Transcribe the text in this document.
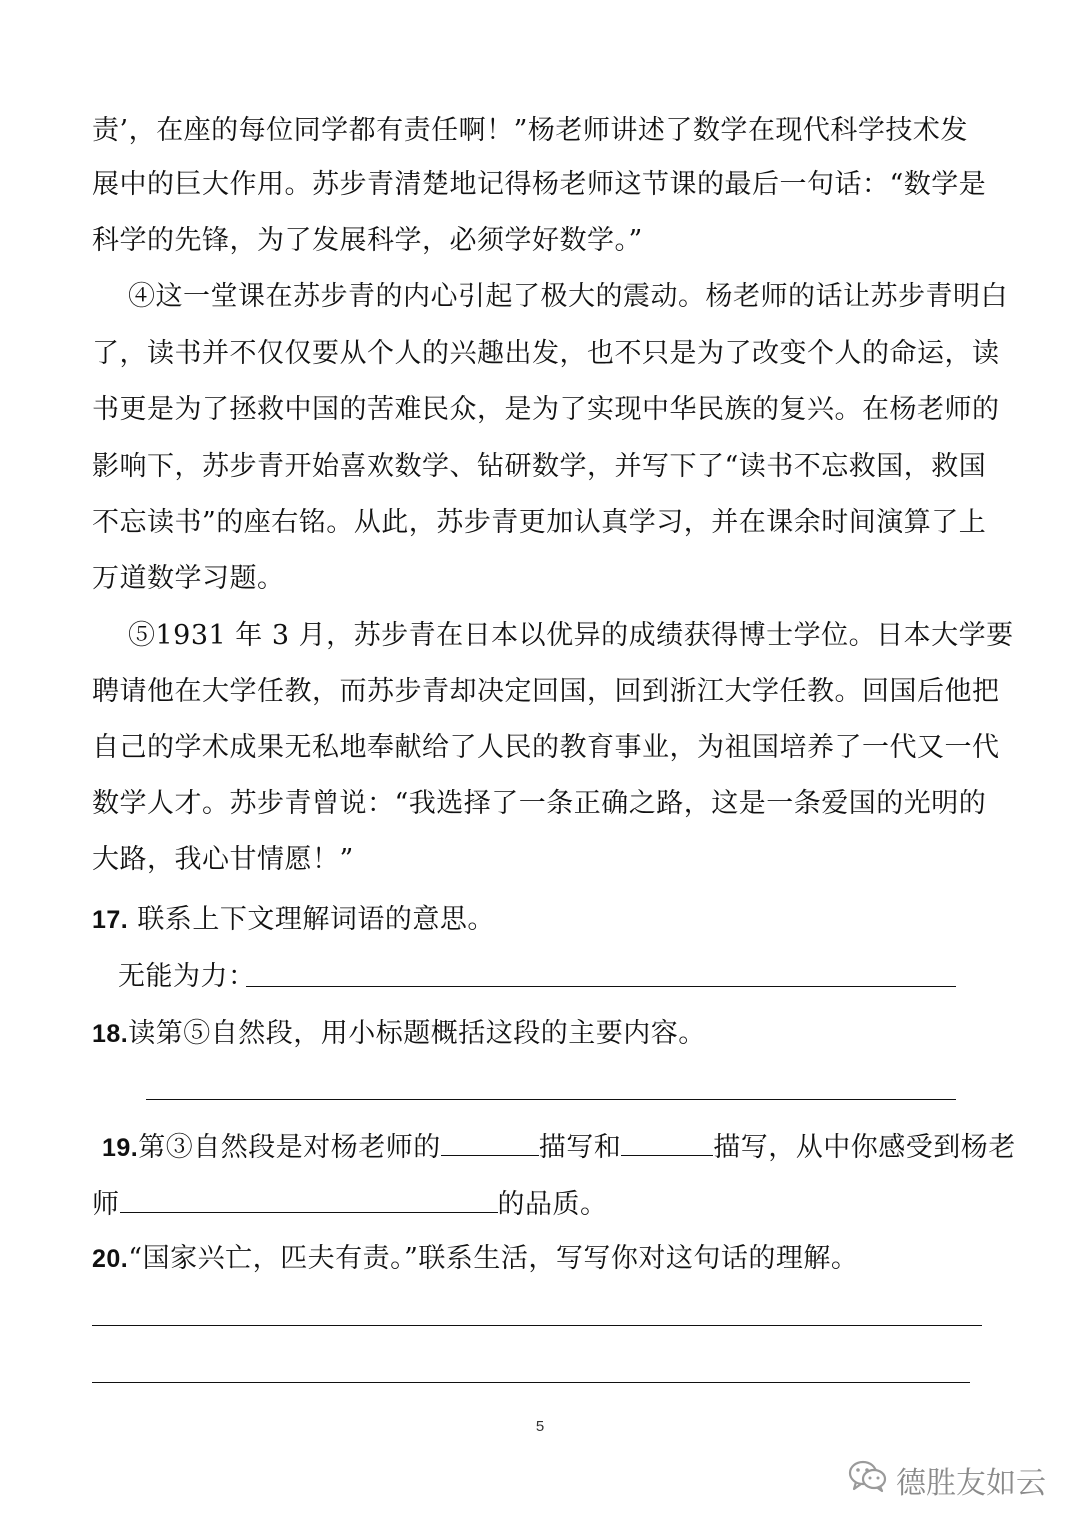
责’，在座的每位同学都有责任啊！”杨老师讲述了数学在现代科学技术发
展中的巨大作用。苏步青清楚地记得杨老师这节课的最后一句话：“数学是
科学的先锋，为了发展科学，必须学好数学。”
④这一堂课在苏步青的内心引起了极大的震动。杨老师的话让苏步青明白
了，读书并不仅仅要从个人的兴趣出发，也不只是为了改变个人的命运，读
书更是为了拯救中国的苦难民众，是为了实现中华民族的复兴。在杨老师的
影响下，苏步青开始喜欢数学、钻研数学，并写下了“读书不忘救国，救国
不忘读书”的座右铭。从此，苏步青更加认真学习，并在课余时间演算了上
万道数学习题。
⑤1931 年 3 月，苏步青在日本以优异的成绩获得博士学位。日本大学要
聘请他在大学任教，而苏步青却决定回国，回到浙江大学任教。回国后他把
自己的学术成果无私地奉献给了人民的教育事业，为祖国培养了一代又一代
数学人才。苏步青曾说：“我选择了一条正确之路，这是一条爱国的光明的
大路，我心甘情愿！”
17. 联系上下文理解词语的意思。
无能为力：
18.读第⑤自然段，用小标题概括这段的主要内容。
19.第③自然段是对杨老师的	描写和	描写，从中你感受到杨老
师	的品质。
20.“国家兴亡，匹夫有责。”联系生活，写写你对这句话的理解。
5
德胜友如云
